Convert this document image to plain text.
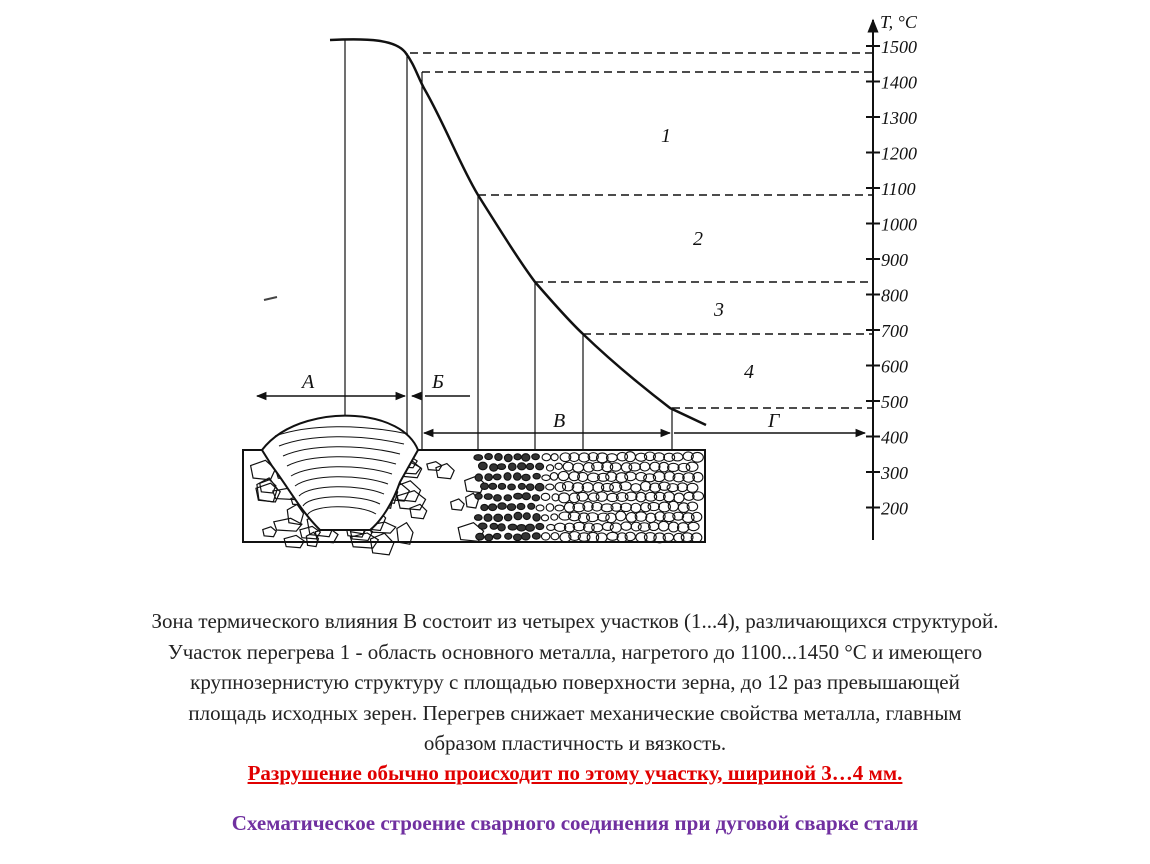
T, °C
1500
1400
1300
1200
1100
1000
900
800
700
600
500
400
300
200
1
2
3
4
А	Б
В	Г

Зона термического влияния В состоит из четырех участков (1...4), различающихся структурой.

Участок перегрева 1 - область основного металла, нагретого до 1100...1450 °С и имеющего

крупнозернистую структуру с площадью поверхности зерна, до 12 раз превышающей

площадь исходных зерен. Перегрев снижает механические свойства металла, главным

образом пластичность и вязкость.

Разрушение обычно происходит по этому участку, шириной 3…4 мм.

Схематическое строение сварного соединения при дуговой сварке стали
